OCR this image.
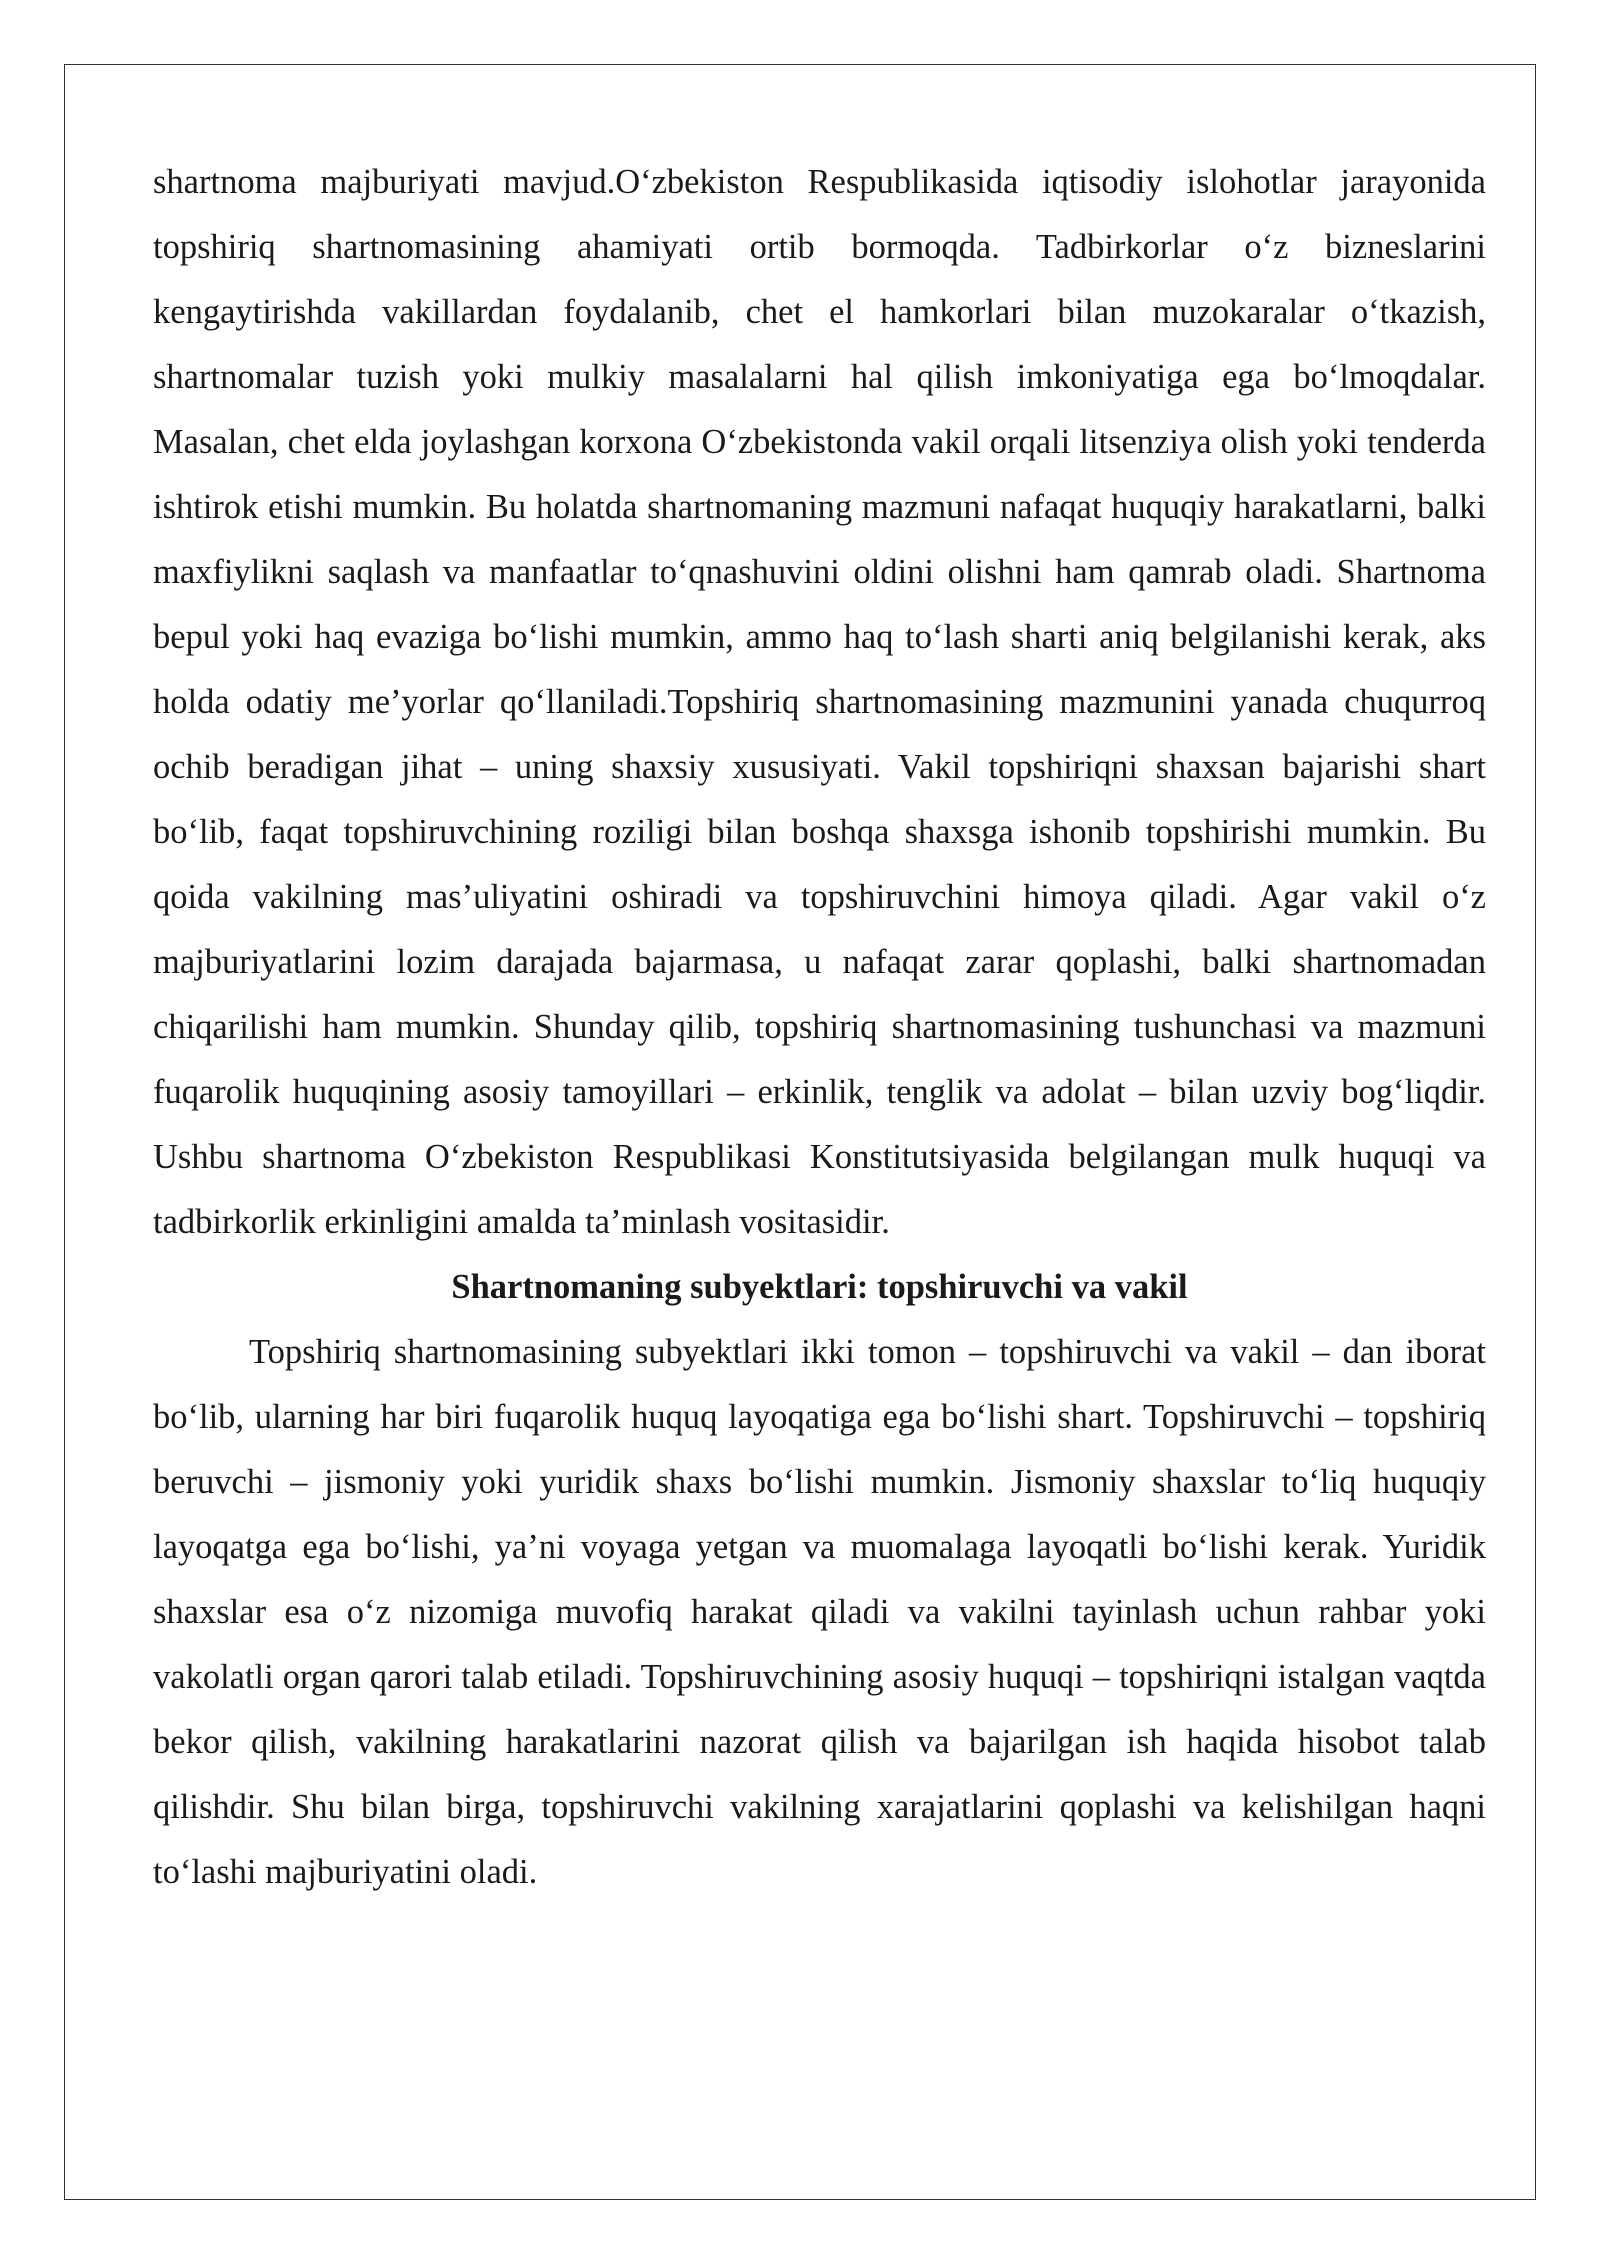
shartnoma majburiyati mavjud.O‘zbekiston Respublikasida iqtisodiy islohotlar jarayonida topshiriq shartnomasining ahamiyati ortib bormoqda. Tadbirkorlar o‘z bizneslarini kengaytirishda vakillardan foydalanib, chet el hamkorlari bilan muzokaralar o‘tkazish, shartnomalar tuzish yoki mulkiy masalalarni hal qilish imkoniyatiga ega bo‘lmoqdalar. Masalan, chet elda joylashgan korxona O‘zbekistonda vakil orqali litsenziya olish yoki tenderda ishtirok etishi mumkin. Bu holatda shartnomaning mazmuni nafaqat huquqiy harakatlarni, balki maxfiylikni saqlash va manfaatlar to‘qnashuvini oldini olishni ham qamrab oladi. Shartnoma bepul yoki haq evaziga bo‘lishi mumkin, ammo haq to‘lash sharti aniq belgilanishi kerak, aks holda odatiy me’yorlar qo‘llaniladi.Topshiriq shartnomasining mazmunini yanada chuqurroq ochib beradigan jihat – uning shaxsiy xususiyati. Vakil topshiriqni shaxsan bajarishi shart bo‘lib, faqat topshiruvchining roziligi bilan boshqa shaxsga ishonib topshirishi mumkin. Bu qoida vakilning mas’uliyatini oshiradi va topshiruvchini himoya qiladi. Agar vakil o‘z majburiyatlarini lozim darajada bajarmasa, u nafaqat zarar qoplashi, balki shartnomadan chiqarilishi ham mumkin. Shunday qilib, topshiriq shartnomasining tushunchasi va mazmuni fuqarolik huquqining asosiy tamoyillari – erkinlik, tenglik va adolat – bilan uzviy bog‘liqdir. Ushbu shartnoma O‘zbekiston Respublikasi Konstitutsiyasida belgilangan mulk huquqi va tadbirkorlik erkinligini amalda ta’minlash vositasidir.

Shartnomaning subyektlari: topshiruvchi va vakil

Topshiriq shartnomasining subyektlari ikki tomon – topshiruvchi va vakil – dan iborat bo‘lib, ularning har biri fuqarolik huquq layoqatiga ega bo‘lishi shart. Topshiruvchi – topshiriq beruvchi – jismoniy yoki yuridik shaxs bo‘lishi mumkin. Jismoniy shaxslar to‘liq huquqiy layoqatga ega bo‘lishi, ya’ni voyaga yetgan va muomalaga layoqatli bo‘lishi kerak. Yuridik shaxslar esa o‘z nizomiga muvofiq harakat qiladi va vakilni tayinlash uchun rahbar yoki vakolatli organ qarori talab etiladi. Topshiruvchining asosiy huquqi – topshiriqni istalgan vaqtda bekor qilish, vakilning harakatlarini nazorat qilish va bajarilgan ish haqida hisobot talab qilishdir. Shu bilan birga, topshiruvchi vakilning xarajatlarini qoplashi va kelishilgan haqni to‘lashi majburiyatini oladi.
